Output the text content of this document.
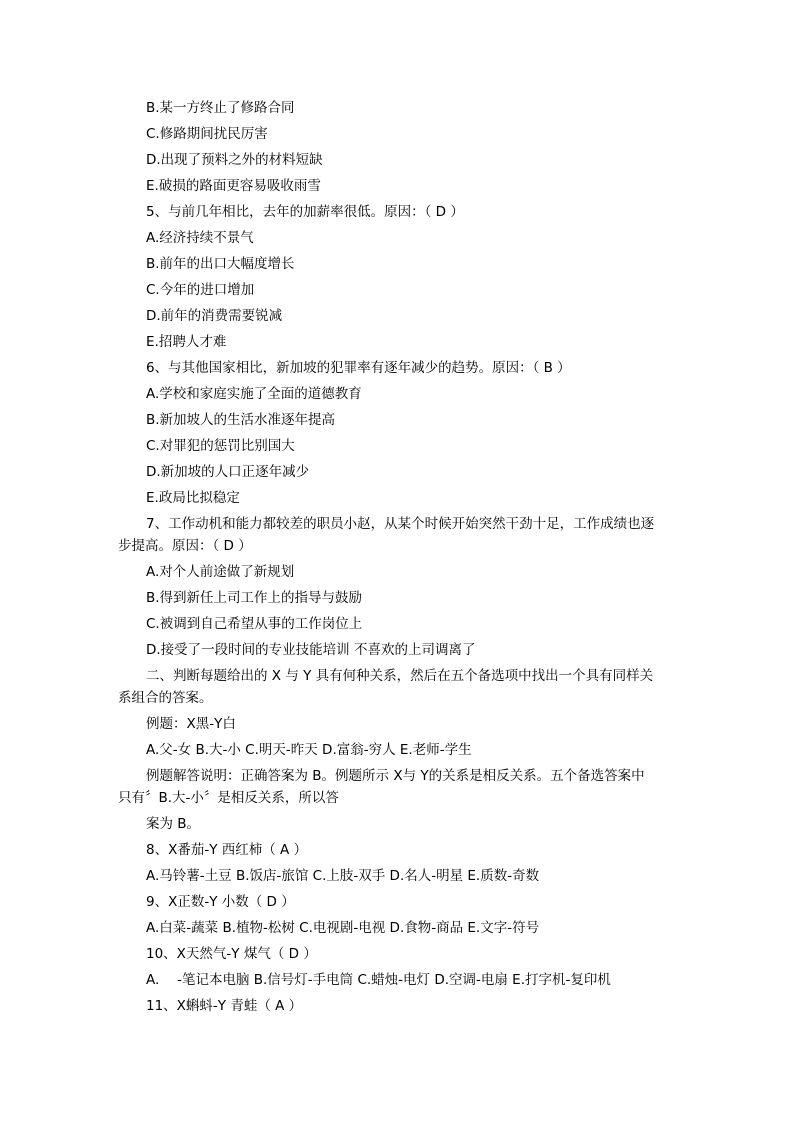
B.某一方终止了修路合同
C.修路期间扰民厉害
D.出现了预料之外的材料短缺
E.破损的路面更容易吸收雨雪
5、与前几年相比，去年的加薪率很低。原因：（ D ）
A.经济持续不景气
B.前年的出口大幅度增长
C.今年的进口增加
D.前年的消费需要锐减
E.招聘人才难
6、与其他国家相比，新加坡的犯罪率有逐年减少的趋势。原因：（ B ）
A.学校和家庭实施了全面的道德教育
B.新加坡人的生活水准逐年提高
C.对罪犯的惩罚比别国大
D.新加坡的人口正逐年减少
E.政局比拟稳定
7、工作动机和能力都较差的职员小赵，从某个时候开始突然干劲十足，工作成绩也逐
步提高。原因：（ D ）
A.对个人前途做了新规划
B.得到新任上司工作上的指导与鼓励
C.被调到自己希望从事的工作岗位上
D.接受了一段时间的专业技能培训 不喜欢的上司调离了
二、判断每题给出的 X 与 Y 具有何种关系，然后在五个备选项中找出一个具有同样关
系组合的答案。
例题：X黑-Y白
A.父-女 B.大-小 C.明天-昨天 D.富翁-穷人 E.老师-学生
例题解答说明：正确答案为 B。例题所示 X与 Y的关系是相反关系。五个备选答案中
只有〞B.大-小〞是相反关系，所以答
案为 B。
8、X番茄-Y 西红柿（ A ）
A.马铃薯-土豆 B.饭店-旅馆 C.上肢-双手 D.名人-明星 E.质数-奇数
9、X正数-Y 小数（ D ）
A.白菜-蔬菜 B.植物-松树 C.电视剧-电视 D.食物-商品 E.文字-符号
10、X天然气-Y 煤气（ D ）
A.　 -笔记本电脑 B.信号灯-手电筒 C.蜡烛-电灯 D.空调-电扇 E.打字机-复印机
11、X蝌蚪-Y 青蛙（ A ）
